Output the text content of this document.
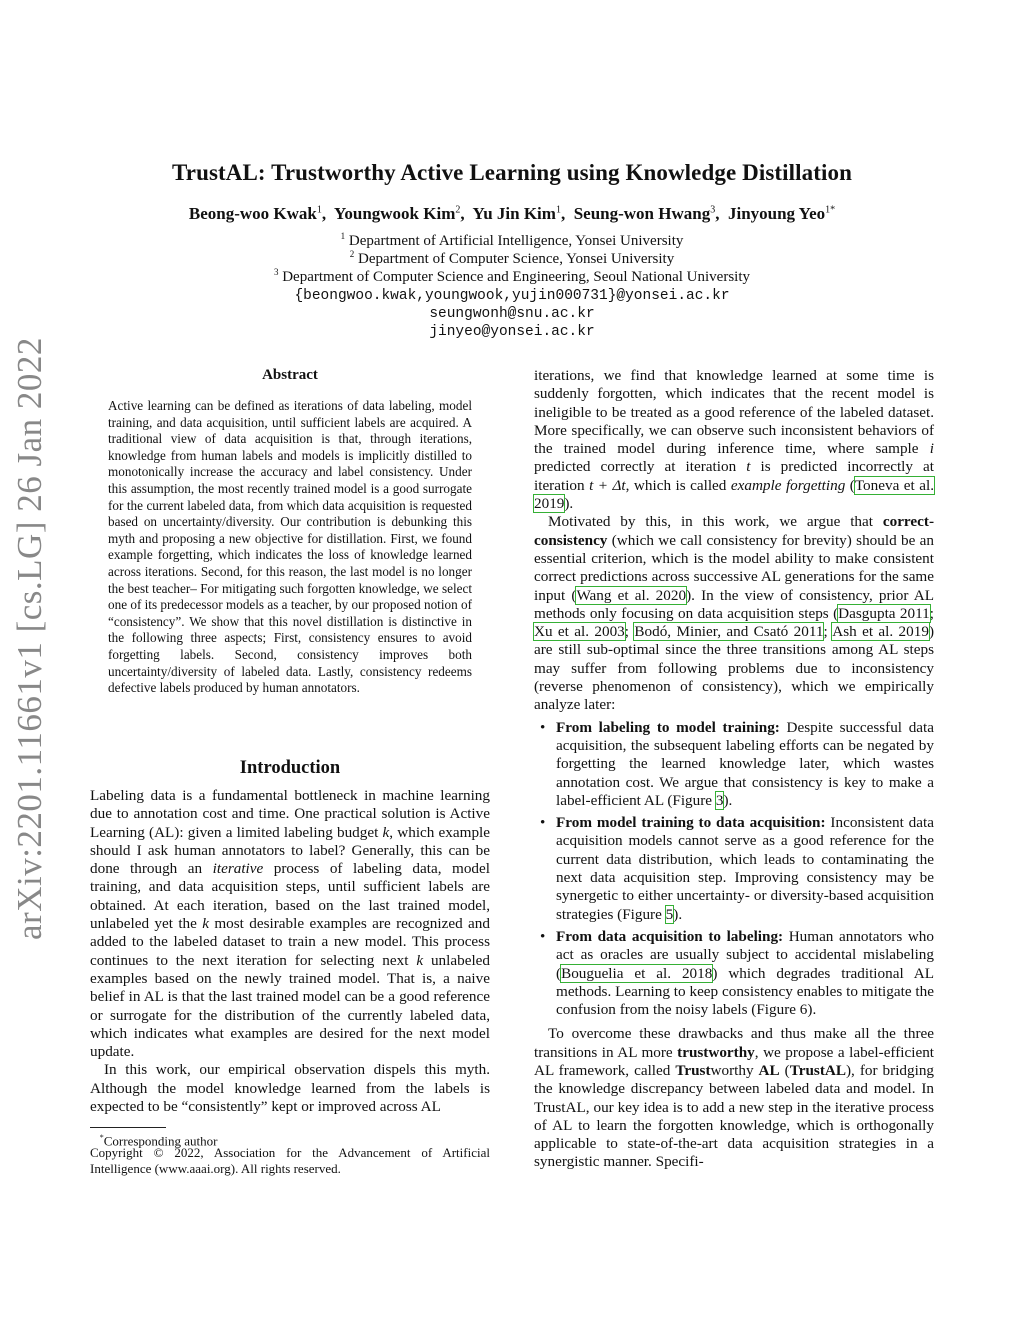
TrustAL: Trustworthy Active Learning using Knowledge Distillation
Beong-woo Kwak$^1$,  Youngwook Kim$^2$,  Yu Jin Kim$^1$,  Seung-won Hwang$^3$,  Jinyoung Yeo$^{1*}$
$^1$ Department of Artificial Intelligence, Yonsei University
$^2$ Department of Computer Science, Yonsei University
$^3$ Department of Computer Science and Engineering, Seoul National University
{beongwoo.kwak,youngwook,yujin000731}@yonsei.ac.kr
seungwonh@snu.ac.kr
jinyeo@yonsei.ac.kr
arXiv:2201.11661v1 [cs.LG] 26 Jan 2022	Abstract
Active learning can be defined as iterations of data labeling, model training, and data acquisition, until sufficient labels are acquired. A traditional view of data acquisition is that, through iterations, knowledge from human labels and models is implicitly distilled to monotonically increase the accuracy and label consistency. Under this assumption, the most recently trained model is a good surrogate for the current labeled data, from which data acquisition is requested based on uncertainty/diversity. Our contribution is debunking this myth and proposing a new objective for distillation. First, we found example forgetting, which indicates the loss of knowledge learned across iterations. Second, for this reason, the last model is no longer the best teacher– For mitigating such forgotten knowledge, we select one of its predecessor models as a teacher, by our proposed notion of “consistency”. We show that this novel distillation is distinctive in the following three aspects; First, consistency ensures to avoid forgetting labels. Second, consistency improves both uncertainty/diversity of labeled data. Lastly, consistency redeems defective labels produced by human annotators.
Introduction

Labeling data is a fundamental bottleneck in machine learning due to annotation cost and time. One practical solution is Active Learning (AL): given a limited labeling budget k, which example should I ask human annotators to label? Generally, this can be done through an iterative process of labeling data, model training, and data acquisition steps, until sufficient labels are obtained. At each iteration, based on the last trained model, unlabeled yet the k most desirable examples are recognized and added to the labeled dataset to train a new model. This process continues to the next iteration for selecting next k unlabeled examples based on the newly trained model. That is, a naive belief in AL is that the last trained model can be a good reference or surrogate for the distribution of the currently labeled data, which indicates what examples are desired for the next model update.

In this work, our empirical observation dispels this myth. Although the model knowledge learned from the labels is expected to be “consistently” kept or improved across AL

*Corresponding author
Copyright © 2022, Association for the Advancement of Artificial Intelligence (www.aaai.org). All rights reserved.

iterations, we find that knowledge learned at some time is suddenly forgotten, which indicates that the recent model is ineligible to be treated as a good reference of the labeled dataset. More specifically, we can observe such inconsistent behaviors of the trained model during inference time, where sample i predicted correctly at iteration t is predicted incorrectly at iteration t + Δt, which is called example forgetting (Toneva et al. 2019).

Motivated by this, in this work, we argue that correct-consistency (which we call consistency for brevity) should be an essential criterion, which is the model ability to make consistent correct predictions across successive AL generations for the same input (Wang et al. 2020). In the view of consistency, prior AL methods only focusing on data acquisition steps (Dasgupta 2011; Xu et al. 2003; Bodó, Minier, and Csató 2011; Ash et al. 2019) are still sub-optimal since the three transitions among AL steps may suffer from following problems due to inconsistency (reverse phenomenon of consistency), which we empirically analyze later:

• From labeling to model training: Despite successful data acquisition, the subsequent labeling efforts can be negated by forgetting the learned knowledge later, which wastes annotation cost. We argue that consistency is key to make a label-efficient AL (Figure 3).
• From model training to data acquisition: Inconsistent data acquisition models cannot serve as a good reference for the current data distribution, which leads to contaminating the next data acquisition step. Improving consistency may be synergetic to either uncertainty- or diversity-based acquisition strategies (Figure 5).
• From data acquisition to labeling: Human annotators who act as oracles are usually subject to accidental mislabeling (Bouguelia et al. 2018) which degrades traditional AL methods. Learning to keep consistency enables to mitigate the confusion from the noisy labels (Figure 6).

To overcome these drawbacks and thus make all the three transitions in AL more trustworthy, we propose a label-efficient AL framework, called Trustworthy AL (TrustAL), for bridging the knowledge discrepancy between labeled data and model. In TrustAL, our key idea is to add a new step in the iterative process of AL to learn the forgotten knowledge, which is orthogonally applicable to state-of-the-art data acquisition strategies in a synergistic manner. Specifi-
